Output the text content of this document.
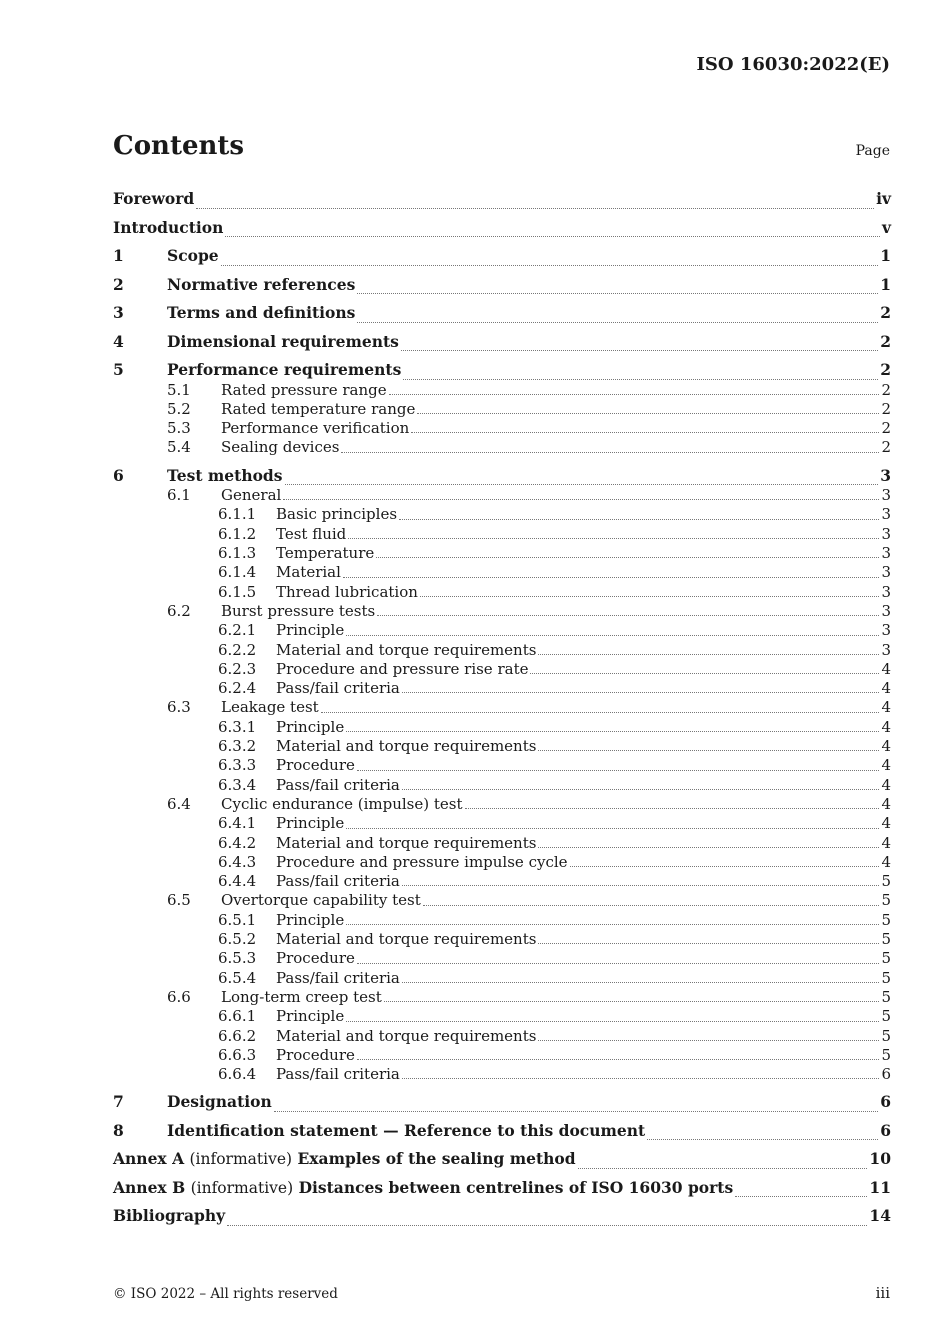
ISO 16030:2022(E)
Contents	Page
Foreword	iv
Introduction	v
1	Scope	1
2	Normative references	1
3	Terms and definitions	2
4	Dimensional requirements	2
5	Performance requirements	2
5.1	Rated pressure range	2
5.2	Rated temperature range	2
5.3	Performance verification	2
5.4	Sealing devices	2
6	Test methods	3
6.1	General	3
6.1.1	Basic principles	3
6.1.2	Test fluid	3
6.1.3	Temperature	3
6.1.4	Material	3
6.1.5	Thread lubrication	3
6.2	Burst pressure tests	3
6.2.1	Principle	3
6.2.2	Material and torque requirements	3
6.2.3	Procedure and pressure rise rate	4
6.2.4	Pass/fail criteria	4
6.3	Leakage test	4
6.3.1	Principle	4
6.3.2	Material and torque requirements	4
6.3.3	Procedure	4
6.3.4	Pass/fail criteria	4
6.4	Cyclic endurance (impulse) test	4
6.4.1	Principle	4
6.4.2	Material and torque requirements	4
6.4.3	Procedure and pressure impulse cycle	4
6.4.4	Pass/fail criteria	5
6.5	Overtorque capability test	5
6.5.1	Principle	5
6.5.2	Material and torque requirements	5
6.5.3	Procedure	5
6.5.4	Pass/fail criteria	5
6.6	Long-term creep test	5
6.6.1	Principle	5
6.6.2	Material and torque requirements	5
6.6.3	Procedure	5
6.6.4	Pass/fail criteria	6
7	Designation	6
8	Identification statement — Reference to this document	6
Annex A (informative) Examples of the sealing method	10
Annex B (informative) Distances between centrelines of ISO 16030 ports	11
Bibliography	14
© ISO 2022 – All rights reserved	iii
